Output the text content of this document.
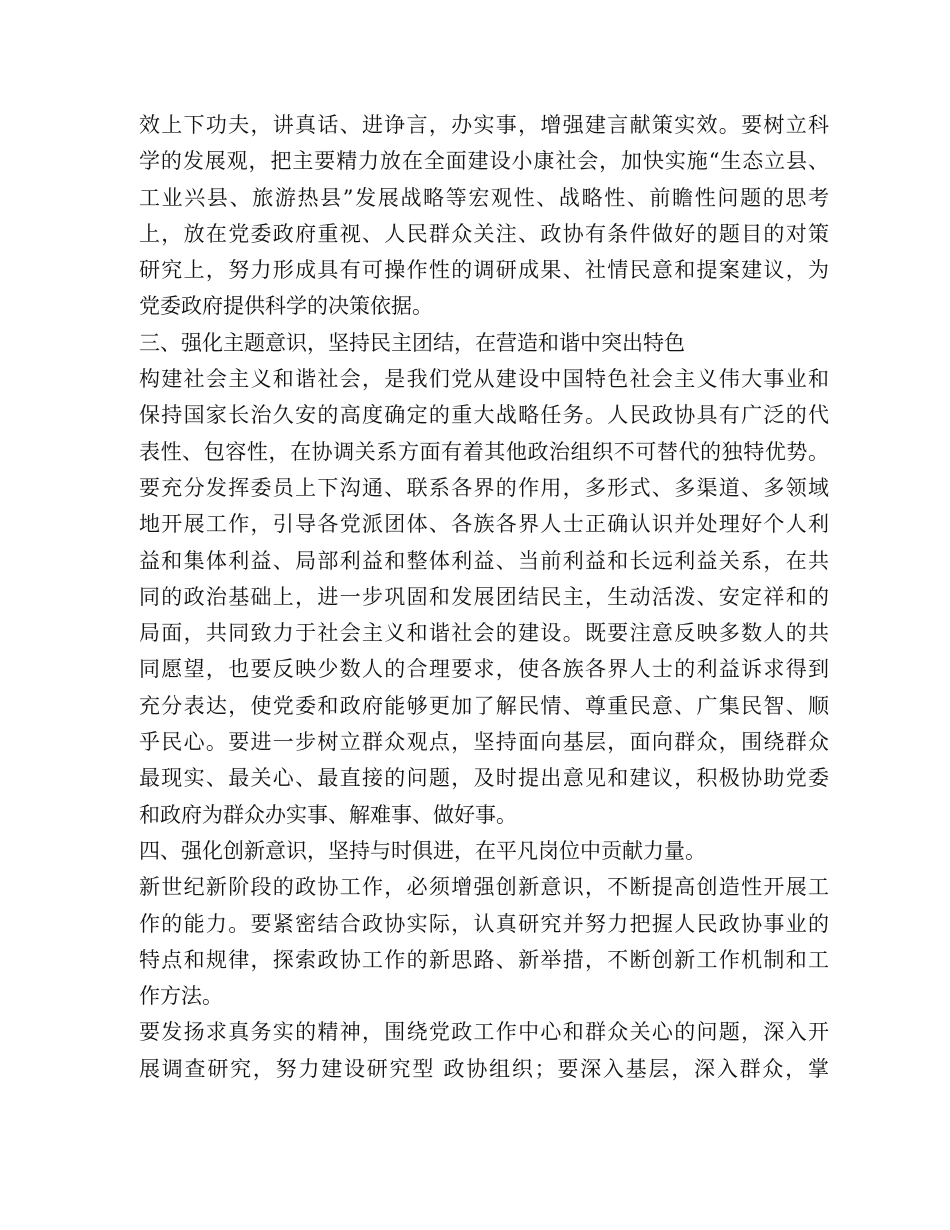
效上下功夫，讲真话、进诤言，办实事，增强建言献策实效。要树立科
学的发展观，把主要精力放在全面建设小康社会，加快实施“生态立县、
工业兴县、旅游热县”发展战略等宏观性、战略性、前瞻性问题的思考
上，放在党委政府重视、人民群众关注、政协有条件做好的题目的对策
研究上，努力形成具有可操作性的调研成果、社情民意和提案建议，为
党委政府提供科学的决策依据。
三、强化主题意识，坚持民主团结，在营造和谐中突出特色
构建社会主义和谐社会，是我们党从建设中国特色社会主义伟大事业和
保持国家长治久安的高度确定的重大战略任务。人民政协具有广泛的代
表性、包容性，在协调关系方面有着其他政治组织不可替代的独特优势。
要充分发挥委员上下沟通、联系各界的作用，多形式、多渠道、多领域
地开展工作，引导各党派团体、各族各界人士正确认识并处理好个人利
益和集体利益、局部利益和整体利益、当前利益和长远利益关系，在共
同的政治基础上，进一步巩固和发展团结民主，生动活泼、安定祥和的
局面，共同致力于社会主义和谐社会的建设。既要注意反映多数人的共
同愿望，也要反映少数人的合理要求，使各族各界人士的利益诉求得到
充分表达，使党委和政府能够更加了解民情、尊重民意、广集民智、顺
乎民心。要进一步树立群众观点，坚持面向基层，面向群众，围绕群众
最现实、最关心、最直接的问题，及时提出意见和建议，积极协助党委
和政府为群众办实事、解难事、做好事。
四、强化创新意识，坚持与时俱进，在平凡岗位中贡献力量。
新世纪新阶段的政协工作，必须增强创新意识，不断提高创造性开展工
作的能力。要紧密结合政协实际，认真研究并努力把握人民政协事业的
特点和规律，探索政协工作的新思路、新举措，不断创新工作机制和工
作方法。
要发扬求真务实的精神，围绕党政工作中心和群众关心的问题，深入开
展调查研究，努力建设研究型 政协组织；要深入基层，深入群众，掌
